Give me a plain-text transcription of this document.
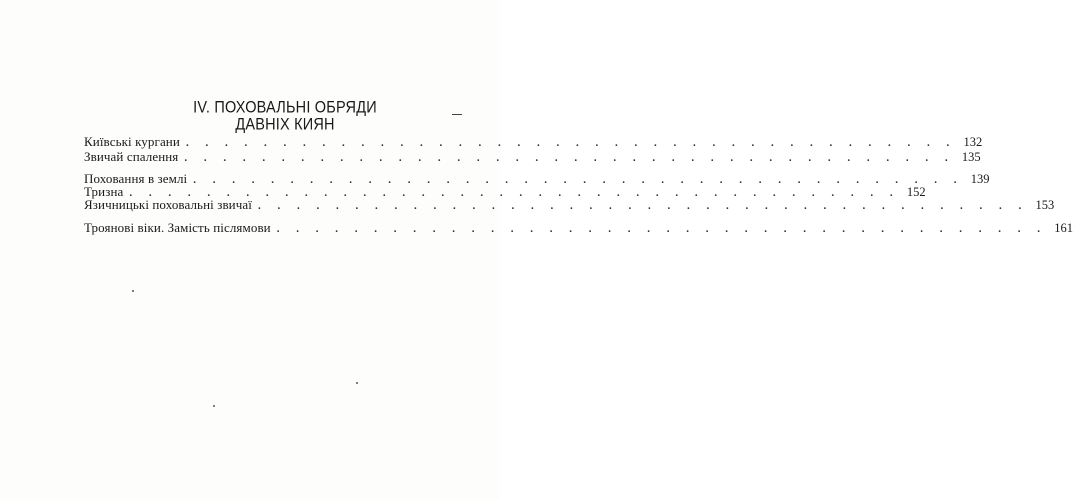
IV. ПОХОВАЛЬНІ ОБРЯДИ
ДАВНІХ КИЯН
Київські кургани . . . . . . . . . . . . . . . . . . . . . . . . . . . . . . . . . . . . . . . . 132
Звичай спалення . . . . . . . . . . . . . . . . . . . . . . . . . . . . . . . . . . . . . . . . 135
Поховання в землі . . . . . . . . . . . . . . . . . . . . . . . . . . . . . . . . . . . . . . . . 139
Тризна . . . . . . . . . . . . . . . . . . . . . . . . . . . . . . . . . . . . . . . . 152
Язичницькі поховальні звичаї . . . . . . . . . . . . . . . . . . . . . . . . . . . . . . . . . . . . . . . . 153
Троянові віки. Замість післямови . . . . . . . . . . . . . . . . . . . . . . . . . . . . . . . . . . . . . . . . 161
